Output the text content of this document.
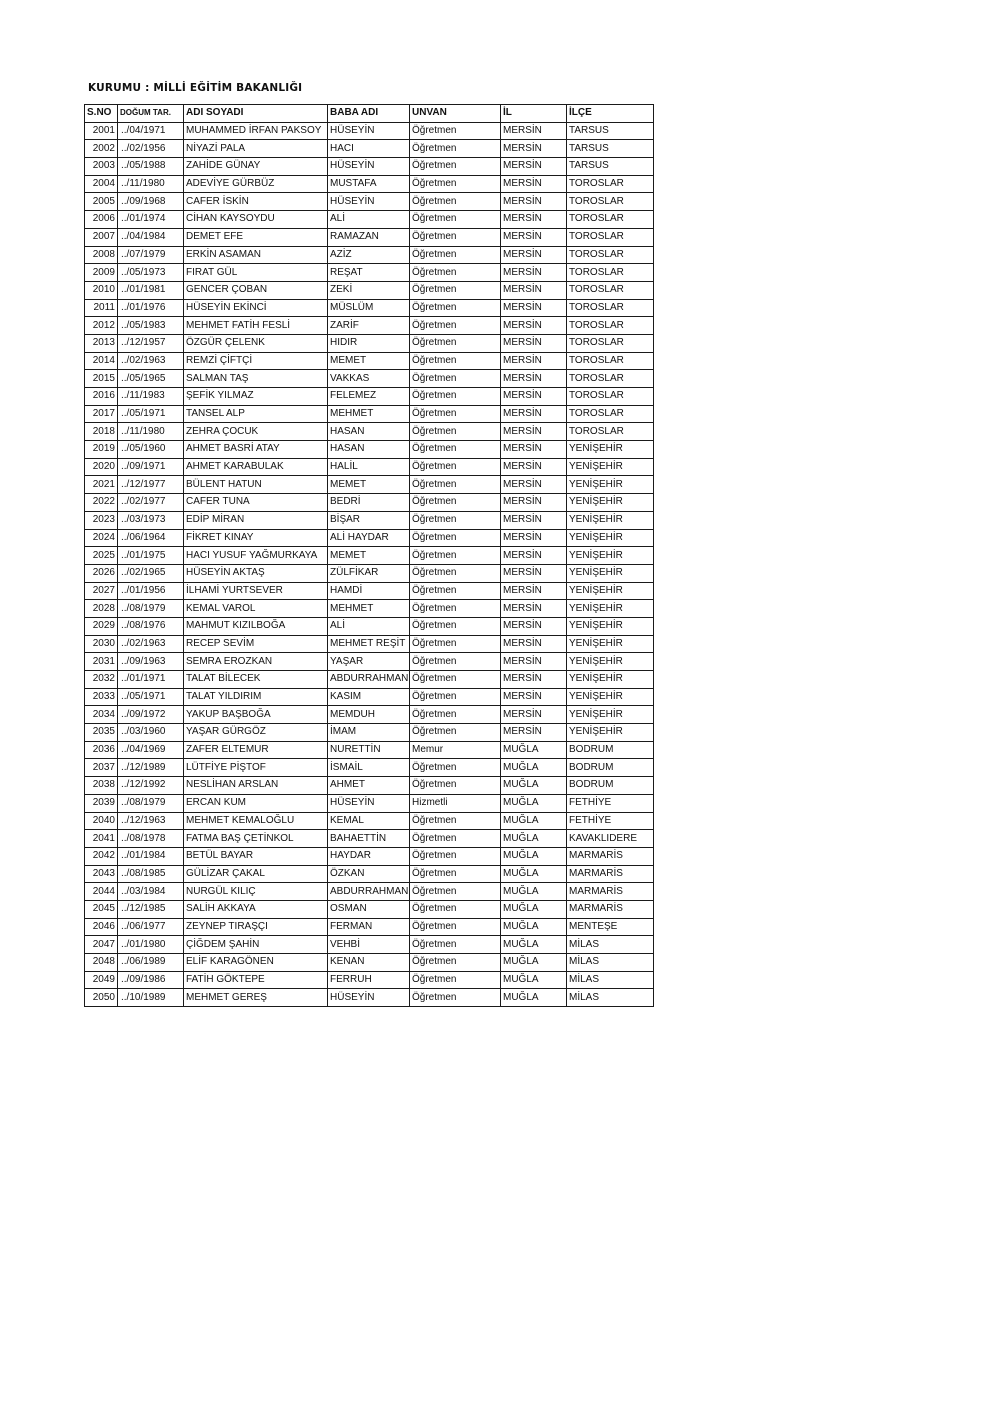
KURUMU : MİLLİ EĞİTİM BAKANLIĞI
S.NO	DOĞUM TAR.	ADI SOYADI	BABA ADI	UNVAN	İL	İLÇE
2001	../04/1971	MUHAMMED İRFAN PAKSOY	HÜSEYİN	Öğretmen	MERSİN	TARSUS
2002	../02/1956	NİYAZİ PALA	HACI	Öğretmen	MERSİN	TARSUS
2003	../05/1988	ZAHİDE GÜNAY	HÜSEYİN	Öğretmen	MERSİN	TARSUS
2004	../11/1980	ADEVİYE GÜRBÜZ	MUSTAFA	Öğretmen	MERSİN	TOROSLAR
2005	../09/1968	CAFER İSKİN	HÜSEYİN	Öğretmen	MERSİN	TOROSLAR
2006	../01/1974	CİHAN KAYSOYDU	ALİ	Öğretmen	MERSİN	TOROSLAR
2007	../04/1984	DEMET EFE	RAMAZAN	Öğretmen	MERSİN	TOROSLAR
2008	../07/1979	ERKİN ASAMAN	AZİZ	Öğretmen	MERSİN	TOROSLAR
2009	../05/1973	FIRAT GÜL	REŞAT	Öğretmen	MERSİN	TOROSLAR
2010	../01/1981	GENCER ÇOBAN	ZEKİ	Öğretmen	MERSİN	TOROSLAR
2011	../01/1976	HÜSEYİN EKİNCİ	MÜSLÜM	Öğretmen	MERSİN	TOROSLAR
2012	../05/1983	MEHMET FATİH FESLİ	ZARİF	Öğretmen	MERSİN	TOROSLAR
2013	../12/1957	ÖZGÜR ÇELENK	HIDIR	Öğretmen	MERSİN	TOROSLAR
2014	../02/1963	REMZİ ÇİFTÇİ	MEMET	Öğretmen	MERSİN	TOROSLAR
2015	../05/1965	SALMAN TAŞ	VAKKAS	Öğretmen	MERSİN	TOROSLAR
2016	../11/1983	ŞEFİK YILMAZ	FELEMEZ	Öğretmen	MERSİN	TOROSLAR
2017	../05/1971	TANSEL ALP	MEHMET	Öğretmen	MERSİN	TOROSLAR
2018	../11/1980	ZEHRA ÇOCUK	HASAN	Öğretmen	MERSİN	TOROSLAR
2019	../05/1960	AHMET BASRİ ATAY	HASAN	Öğretmen	MERSİN	YENİŞEHİR
2020	../09/1971	AHMET KARABULAK	HALİL	Öğretmen	MERSİN	YENİŞEHİR
2021	../12/1977	BÜLENT HATUN	MEMET	Öğretmen	MERSİN	YENİŞEHİR
2022	../02/1977	CAFER TUNA	BEDRİ	Öğretmen	MERSİN	YENİŞEHİR
2023	../03/1973	EDİP MİRAN	BİŞAR	Öğretmen	MERSİN	YENİŞEHİR
2024	../06/1964	FİKRET KINAY	ALİ HAYDAR	Öğretmen	MERSİN	YENİŞEHİR
2025	../01/1975	HACI YUSUF YAĞMURKAYA	MEMET	Öğretmen	MERSİN	YENİŞEHİR
2026	../02/1965	HÜSEYİN AKTAŞ	ZÜLFİKAR	Öğretmen	MERSİN	YENİŞEHİR
2027	../01/1956	İLHAMİ YURTSEVER	HAMDİ	Öğretmen	MERSİN	YENİŞEHİR
2028	../08/1979	KEMAL VAROL	MEHMET	Öğretmen	MERSİN	YENİŞEHİR
2029	../08/1976	MAHMUT KIZILBOĞA	ALİ	Öğretmen	MERSİN	YENİŞEHİR
2030	../02/1963	RECEP SEVİM	MEHMET REŞİT	Öğretmen	MERSİN	YENİŞEHİR
2031	../09/1963	SEMRA EROZKAN	YAŞAR	Öğretmen	MERSİN	YENİŞEHİR
2032	../01/1971	TALAT BİLECEK	ABDURRAHMAN	Öğretmen	MERSİN	YENİŞEHİR
2033	../05/1971	TALAT YILDIRIM	KASIM	Öğretmen	MERSİN	YENİŞEHİR
2034	../09/1972	YAKUP BAŞBOĞA	MEMDUH	Öğretmen	MERSİN	YENİŞEHİR
2035	../03/1960	YAŞAR GÜRGÖZ	İMAM	Öğretmen	MERSİN	YENİŞEHİR
2036	../04/1969	ZAFER ELTEMUR	NURETTİN	Memur	MUĞLA	BODRUM
2037	../12/1989	LÜTFİYE PİŞTOF	İSMAİL	Öğretmen	MUĞLA	BODRUM
2038	../12/1992	NESLİHAN ARSLAN	AHMET	Öğretmen	MUĞLA	BODRUM
2039	../08/1979	ERCAN KUM	HÜSEYİN	Hizmetli	MUĞLA	FETHİYE
2040	../12/1963	MEHMET KEMALOĞLU	KEMAL	Öğretmen	MUĞLA	FETHİYE
2041	../08/1978	FATMA BAŞ ÇETİNKOL	BAHAETTİN	Öğretmen	MUĞLA	KAVAKLIDERE
2042	../01/1984	BETÜL BAYAR	HAYDAR	Öğretmen	MUĞLA	MARMARİS
2043	../08/1985	GÜLİZAR ÇAKAL	ÖZKAN	Öğretmen	MUĞLA	MARMARİS
2044	../03/1984	NURGÜL KILIÇ	ABDURRAHMAN	Öğretmen	MUĞLA	MARMARİS
2045	../12/1985	SALİH AKKAYA	OSMAN	Öğretmen	MUĞLA	MARMARİS
2046	../06/1977	ZEYNEP TIRAŞÇI	FERMAN	Öğretmen	MUĞLA	MENTEŞE
2047	../01/1980	ÇİĞDEM ŞAHİN	VEHBİ	Öğretmen	MUĞLA	MİLAS
2048	../06/1989	ELİF KARAGÖNEN	KENAN	Öğretmen	MUĞLA	MİLAS
2049	../09/1986	FATİH GÖKTEPE	FERRUH	Öğretmen	MUĞLA	MİLAS
2050	../10/1989	MEHMET GEREŞ	HÜSEYİN	Öğretmen	MUĞLA	MİLAS
